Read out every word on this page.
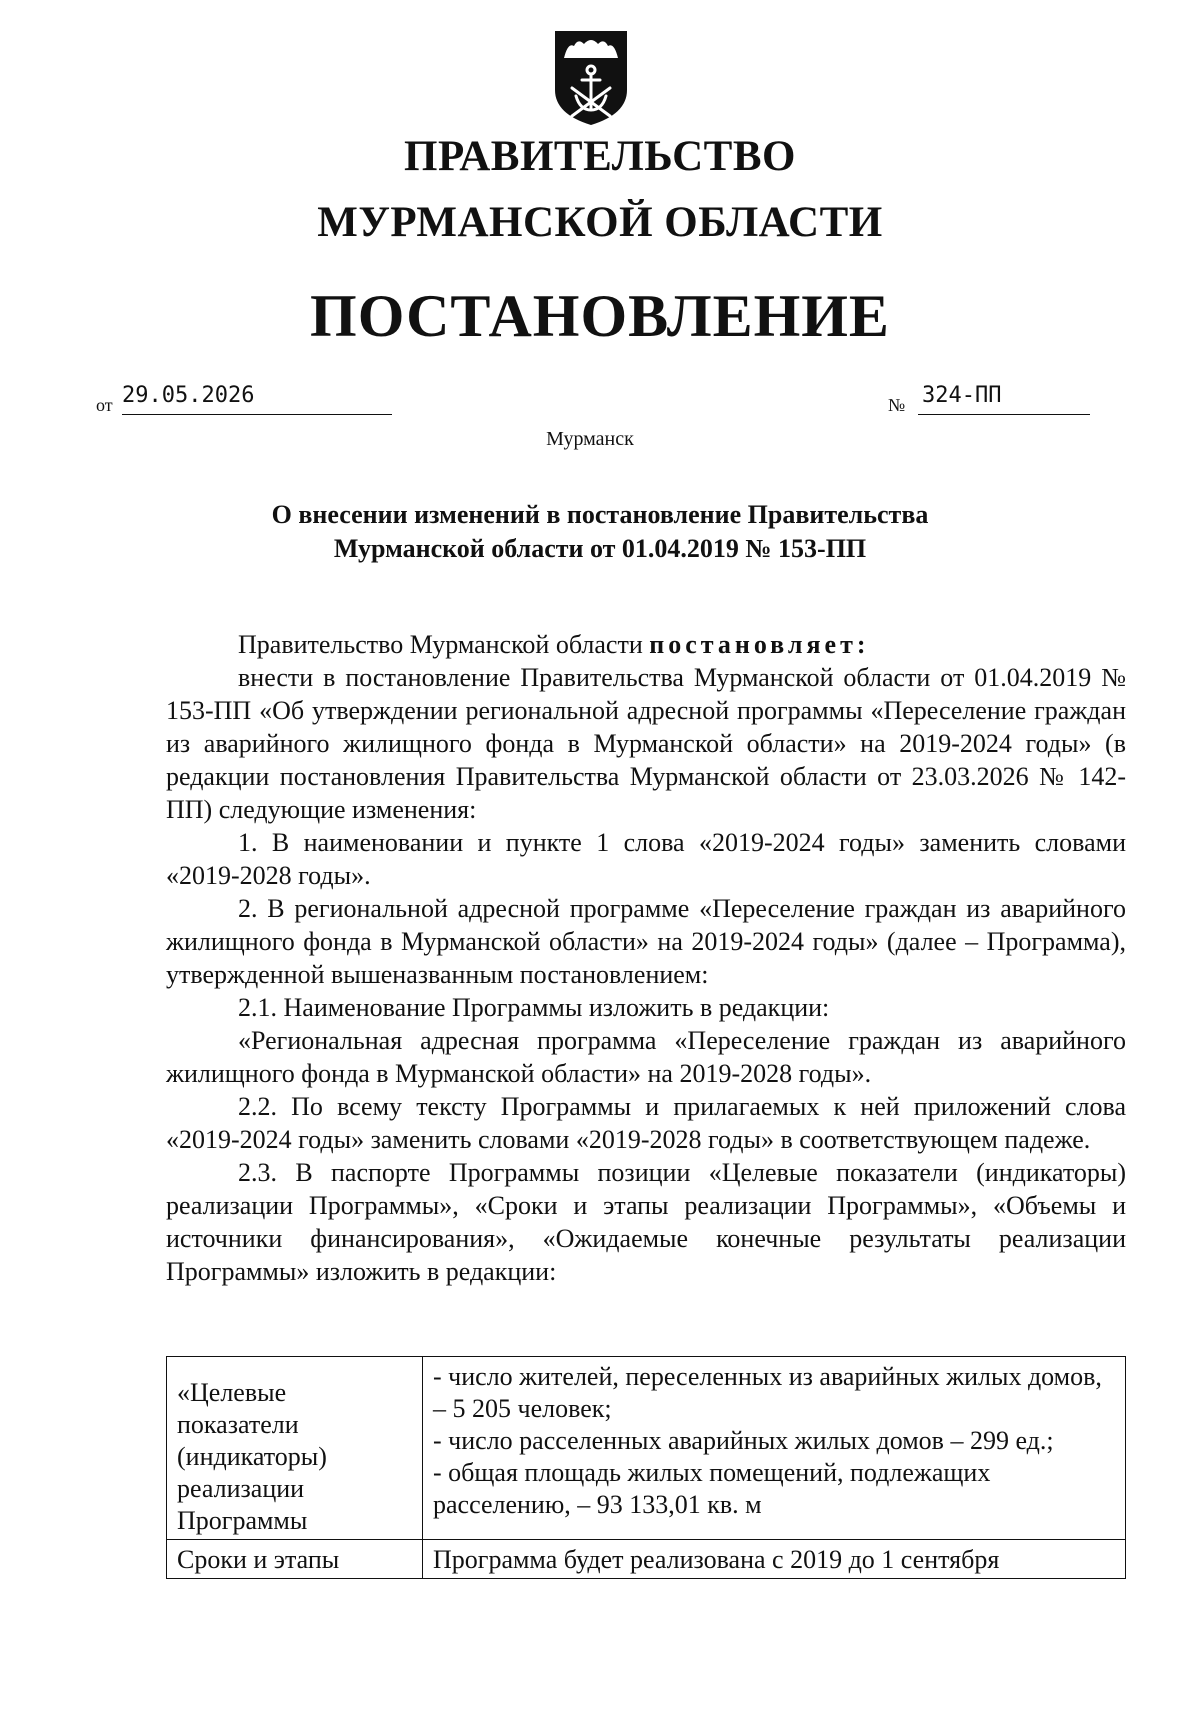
ПРАВИТЕЛЬСТВО
МУРМАНСКОЙ ОБЛАСТИ
ПОСТАНОВЛЕНИЕ
от 29.05.2026	№ 324-ПП
Мурманск
О внесении изменений в постановление Правительства
Мурманской области от 01.04.2019 № 153-ПП

Правительство Мурманской области постановляет:

внести в постановление Правительства Мурманской области от 01.04.2019 № 153-ПП «Об утверждении региональной адресной программы «Переселение граждан из аварийного жилищного фонда в Мурманской области» на 2019-2024 годы» (в редакции постановления Правительства Мурманской области от 23.03.2026 № 142-ПП) следующие изменения:

1. В наименовании и пункте 1 слова «2019-2024 годы» заменить словами «2019-2028 годы».

2. В региональной адресной программе «Переселение граждан из аварийного жилищного фонда в Мурманской области» на 2019-2024 годы» (далее – Программа), утвержденной вышеназванным постановлением:

2.1. Наименование Программы изложить в редакции:

«Региональная адресная программа «Переселение граждан из аварийного жилищного фонда в Мурманской области» на 2019-2028 годы».

2.2. По всему тексту Программы и прилагаемых к ней приложений слова «2019-2024 годы» заменить словами «2019-2028 годы» в соответствующем падеже.

2.3. В паспорте Программы позиции «Целевые показатели (индикаторы) реализации Программы», «Сроки и этапы реализации Программы», «Объемы и источники финансирования», «Ожидаемые конечные результаты реализации Программы» изложить в редакции:

«Целевые показатели (индикаторы) реализации Программы	- число жителей, переселенных из аварийных жилых домов, – 5 205 человек;
- число расселенных аварийных жилых домов – 299 ед.;
- общая площадь жилых помещений, подлежащих расселению, – 93 133,01 кв. м

Сроки и этапы	Программа будет реализована с 2019 до 1 сентября
